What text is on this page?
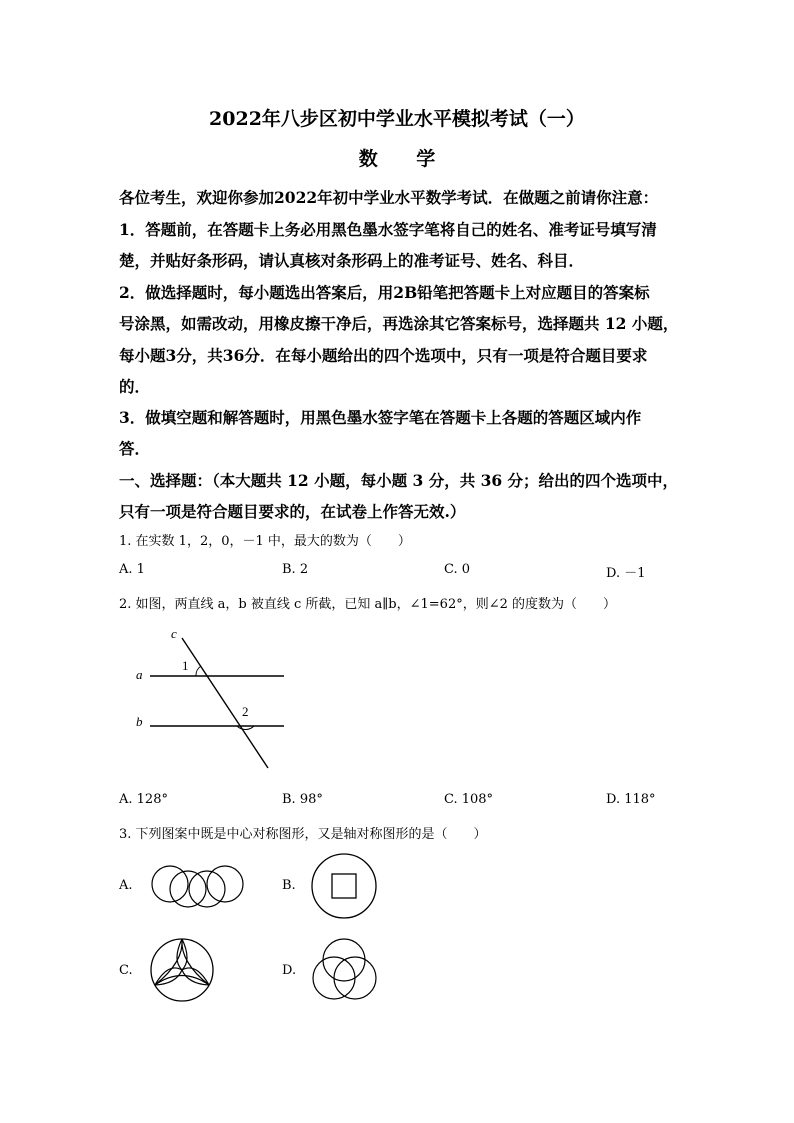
2022年八步区初中学业水平模拟考试（一）
数 学
各位考生，欢迎你参加2022年初中学业水平数学考试．在做题之前请你注意：
1．答题前，在答题卡上务必用黑色墨水签字笔将自己的姓名、准考证号填写清
楚，并贴好条形码，请认真核对条形码上的准考证号、姓名、科目．
2．做选择题时，每小题选出答案后，用2B铅笔把答题卡上对应题目的答案标
号涂黑，如需改动，用橡皮擦干净后，再选涂其它答案标号，选择题共 12 小题，
每小题3分，共36分．在每小题给出的四个选项中，只有一项是符合题目要求
的．
3．做填空题和解答题时，用黑色墨水签字笔在答题卡上各题的答题区域内作
答．
一、选择题：（本大题共 12 小题，每小题 3 分，共 36 分；给出的四个选项中，
只有一项是符合题目要求的，在试卷上作答无效.）
1. 在实数 1，2，0，－1 中，最大的数为（　　）
A. 1	B. 2	C. 0	D. －1
2. 如图，两直线 a，b 被直线 c 所截，已知 a∥b，∠1=62°，则∠2 的度数为（　　）
c
a
b
1
2
A. 128°	B. 98°	C. 108°	D. 118°
3. 下列图案中既是中心对称图形，又是轴对称图形的是（　　）
A.	B.
C.	D.
